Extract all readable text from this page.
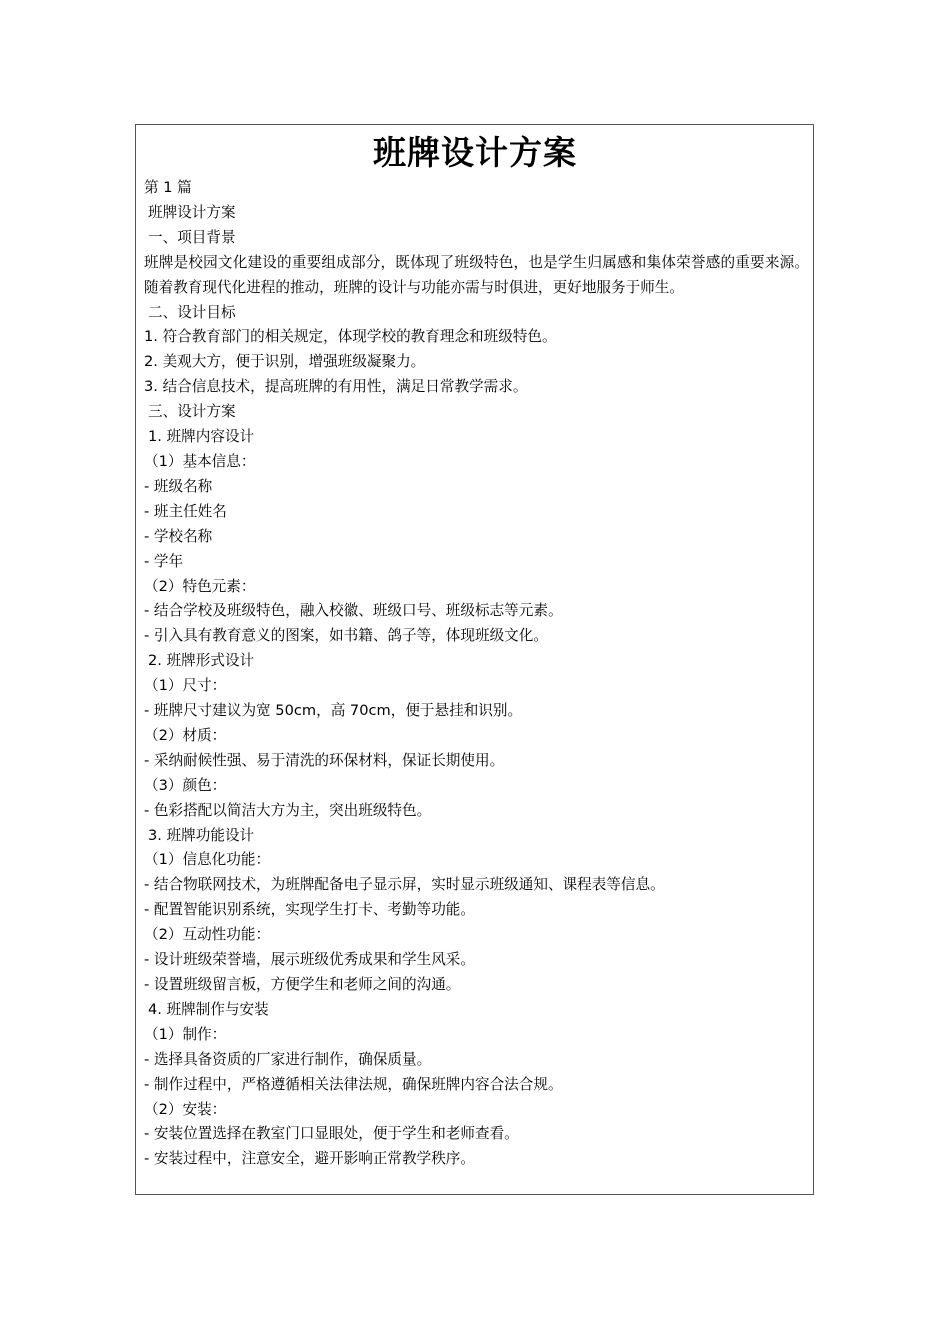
班牌设计方案
第 1 篇
班牌设计方案
一、项目背景
班牌是校园文化建设的重要组成部分，既体现了班级特色，也是学生归属感和集体荣誉感的重要来源。随着教育现代化进程的推动，班牌的设计与功能亦需与时俱进，更好地服务于师生。
二、设计目标
1. 符合教育部门的相关规定，体现学校的教育理念和班级特色。
2. 美观大方，便于识别，增强班级凝聚力。
3. 结合信息技术，提高班牌的有用性，满足日常教学需求。
三、设计方案
1. 班牌内容设计
（1）基本信息：
- 班级名称
- 班主任姓名
- 学校名称
- 学年
（2）特色元素：
- 结合学校及班级特色，融入校徽、班级口号、班级标志等元素。
- 引入具有教育意义的图案，如书籍、鸽子等，体现班级文化。
2. 班牌形式设计
（1）尺寸：
- 班牌尺寸建议为宽 50cm，高 70cm，便于悬挂和识别。
（2）材质：
- 采纳耐候性强、易于清洗的环保材料，保证长期使用。
（3）颜色：
- 色彩搭配以简洁大方为主，突出班级特色。
3. 班牌功能设计
（1）信息化功能：
- 结合物联网技术，为班牌配备电子显示屏，实时显示班级通知、课程表等信息。
- 配置智能识别系统，实现学生打卡、考勤等功能。
（2）互动性功能：
- 设计班级荣誉墙，展示班级优秀成果和学生风采。
- 设置班级留言板，方便学生和老师之间的沟通。
4. 班牌制作与安装
（1）制作：
- 选择具备资质的厂家进行制作，确保质量。
- 制作过程中，严格遵循相关法律法规，确保班牌内容合法合规。
（2）安装：
- 安装位置选择在教室门口显眼处，便于学生和老师查看。
- 安装过程中，注意安全，避开影响正常教学秩序。
